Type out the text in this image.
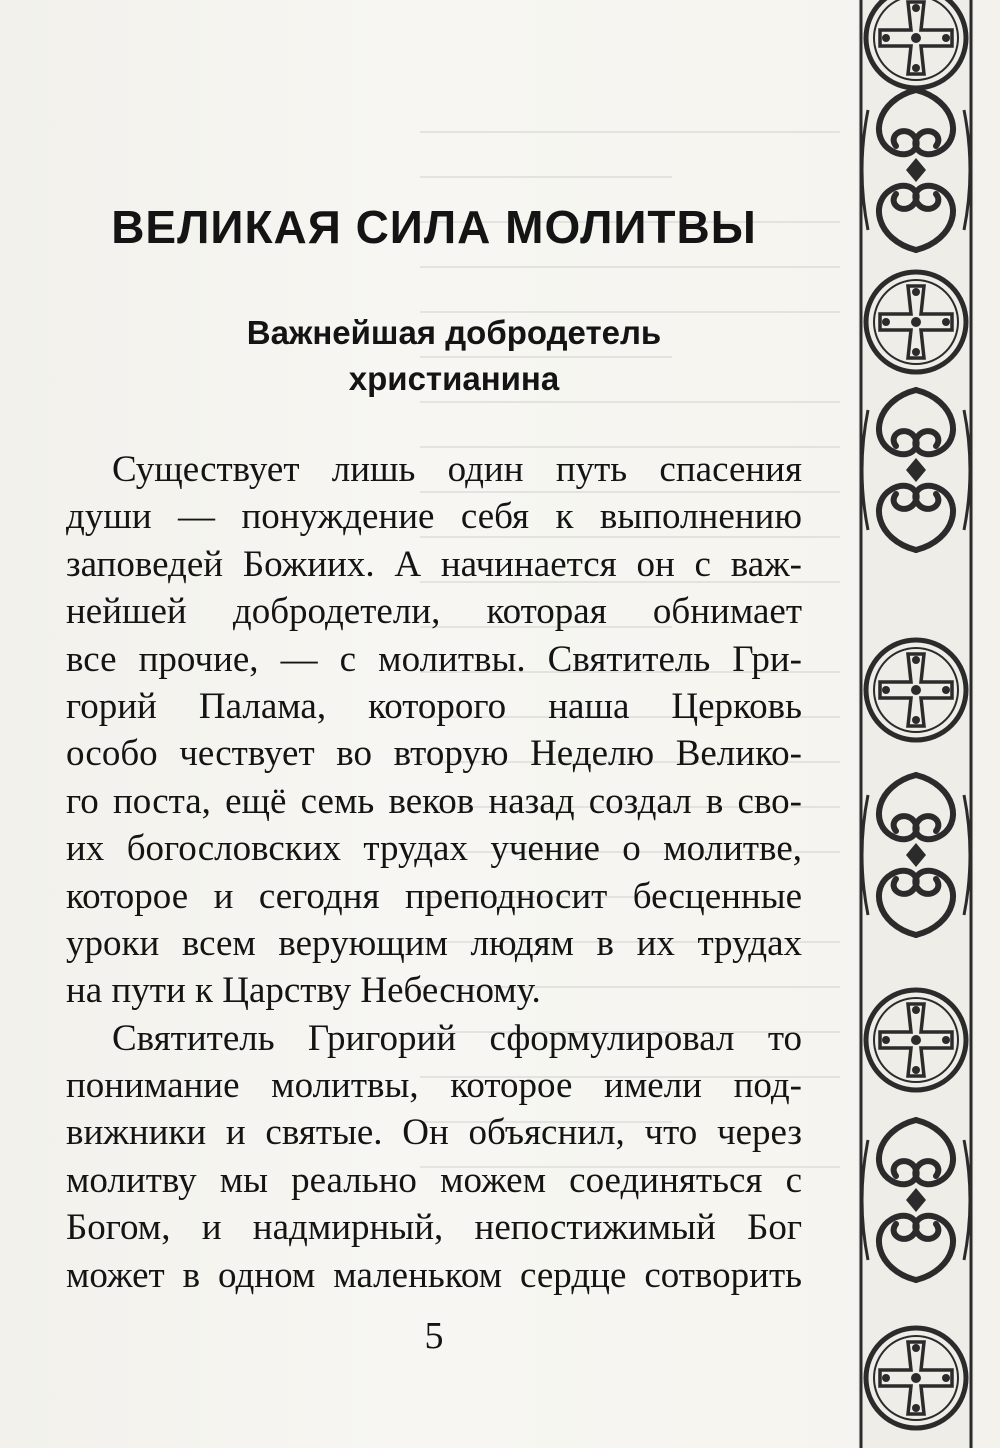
ВЕЛИКАЯ СИЛА МОЛИТВЫ
Важнейшая добродетель
христианина
Существует лишь один путь спасения
души — понуждение себя к выполнению
заповедей Божиих. А начинается он с важ-
нейшей добродетели, которая обнимает
все прочие, — с молитвы. Святитель Гри-
горий Палама, которого наша Церковь
особо чествует во вторую Неделю Велико-
го поста, ещё семь веков назад создал в сво-
их богословских трудах учение о молитве,
которое и сегодня преподносит бесценные
уроки всем верующим людям в их трудах
на пути к Царству Небесному.
Святитель Григорий сформулировал то
понимание молитвы, которое имели под-
вижники и святые. Он объяснил, что через
молитву мы реально можем соединяться с
Богом, и надмирный, непостижимый Бог
может в одном маленьком сердце сотворить
5
